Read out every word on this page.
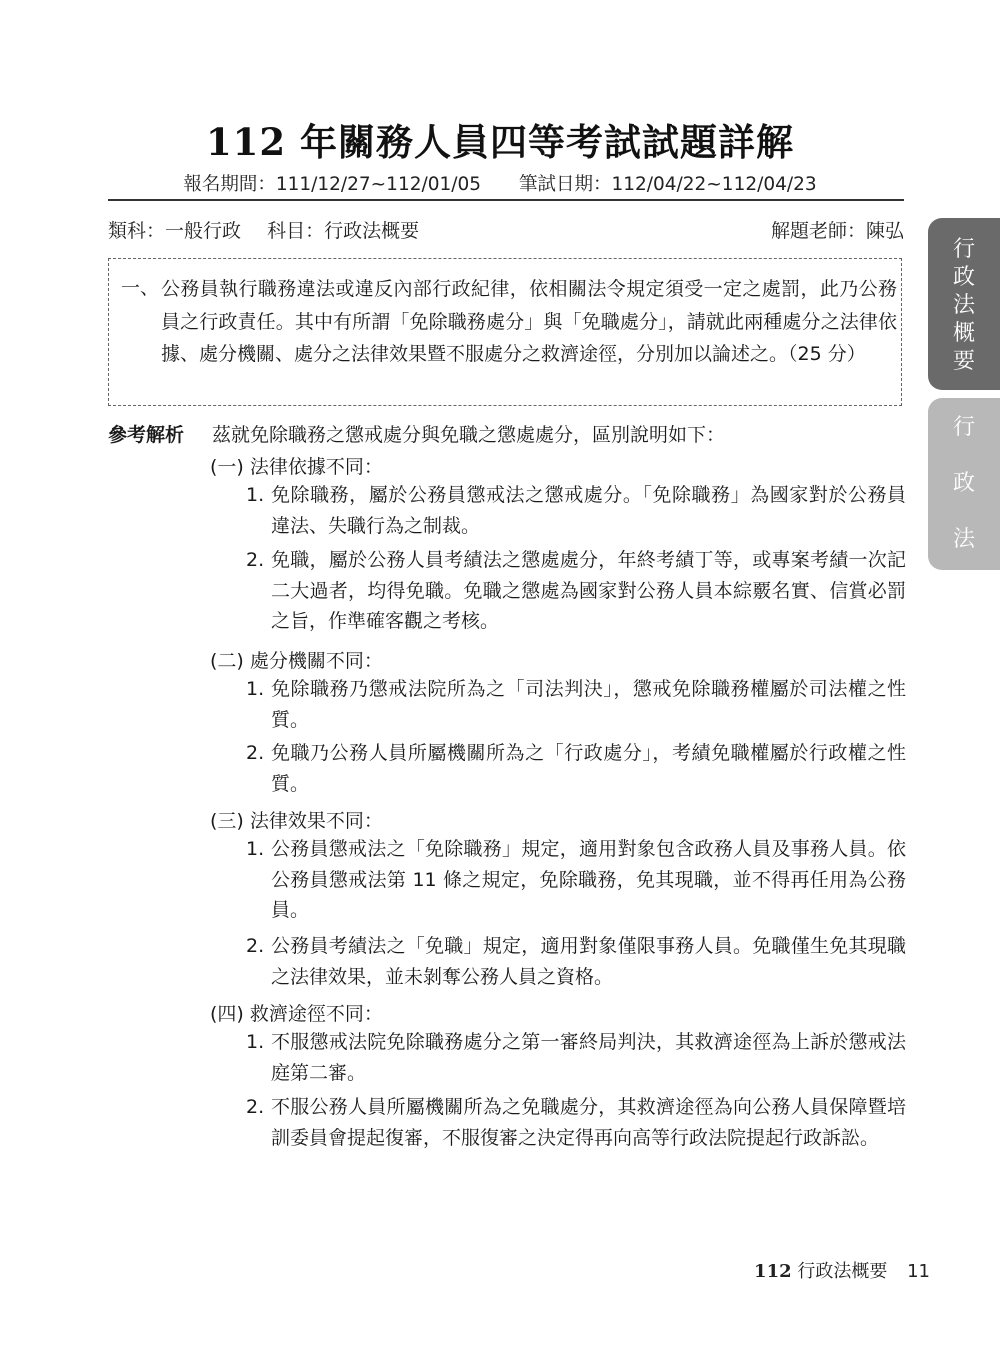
112 年關務人員四等考試試題詳解
報名期間：111/12/27~112/01/05 筆試日期：112/04/22~112/04/23
類科：一般行政 科目：行政法概要	解題老師：陳弘
一、 公務員執行職務違法或違反內部行政紀律，依相關法令規定須受一定之處罰，此乃公務員之行政責任。其中有所謂「免除職務處分」與「免職處分」，請就此兩種處分之法律依據、處分機關、處分之法律效果暨不服處分之救濟途徑，分別加以論述之。（25 分）
參考解析 茲就免除職務之懲戒處分與免職之懲處處分，區別說明如下：
(一) 法律依據不同：
1. 免除職務，屬於公務員懲戒法之懲戒處分。「免除職務」為國家對於公務員違法、失職行為之制裁。
2. 免職，屬於公務人員考績法之懲處處分，年終考績丁等，或專案考績一次記二大過者，均得免職。免職之懲處為國家對公務人員本綜覈名實、信賞必罰之旨，作準確客觀之考核。
(二) 處分機關不同：
1. 免除職務乃懲戒法院所為之「司法判決」，懲戒免除職務權屬於司法權之性質。
2. 免職乃公務人員所屬機關所為之「行政處分」，考績免職權屬於行政權之性質。
(三) 法律效果不同：
1. 公務員懲戒法之「免除職務」規定，適用對象包含政務人員及事務人員。依公務員懲戒法第 11 條之規定，免除職務，免其現職，並不得再任用為公務員。
2. 公務員考績法之「免職」規定，適用對象僅限事務人員。免職僅生免其現職之法律效果，並未剝奪公務人員之資格。
(四) 救濟途徑不同：
1. 不服懲戒法院免除職務處分之第一審終局判決，其救濟途徑為上訴於懲戒法庭第二審。
2. 不服公務人員所屬機關所為之免職處分，其救濟途徑為向公務人員保障暨培訓委員會提起復審，不服復審之決定得再向高等行政法院提起行政訴訟。
行
政
法
概
要
行
政
法
112 行政法概要 11
